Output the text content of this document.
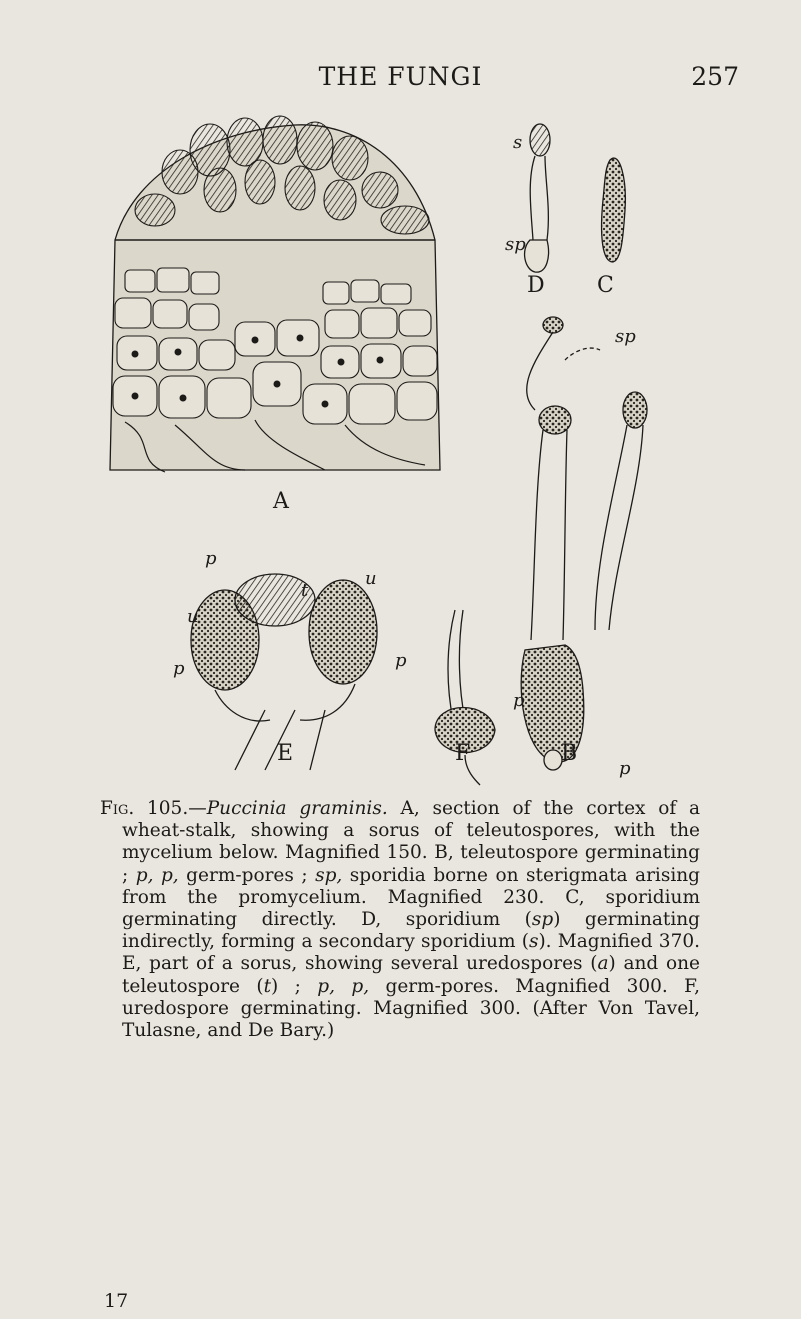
THE FUNGI	257
A
s
sp
D C
sp
p
p
B
p
t
u
u
p	p
E	F

Fig. 105.—Puccinia graminis. A, section of the cortex of a wheat-stalk, showing a sorus of teleutospores, with the mycelium below. Magnified 150. B, teleutospore germinating ; p, p, germ-pores ; sp, sporidia borne on sterigmata arising from the promycelium. Magnified 230. C, sporidium germinating directly. D, sporidium (sp) germinating indirectly, forming a secondary sporidium (s). Magnified 370. E, part of a sorus, showing several uredospores (a) and one teleutospore (t) ; p, p, germ-pores. Magnified 300. F, uredospore germinating. Magnified 300. (After Von Tavel, Tulasne, and De Bary.)

17
